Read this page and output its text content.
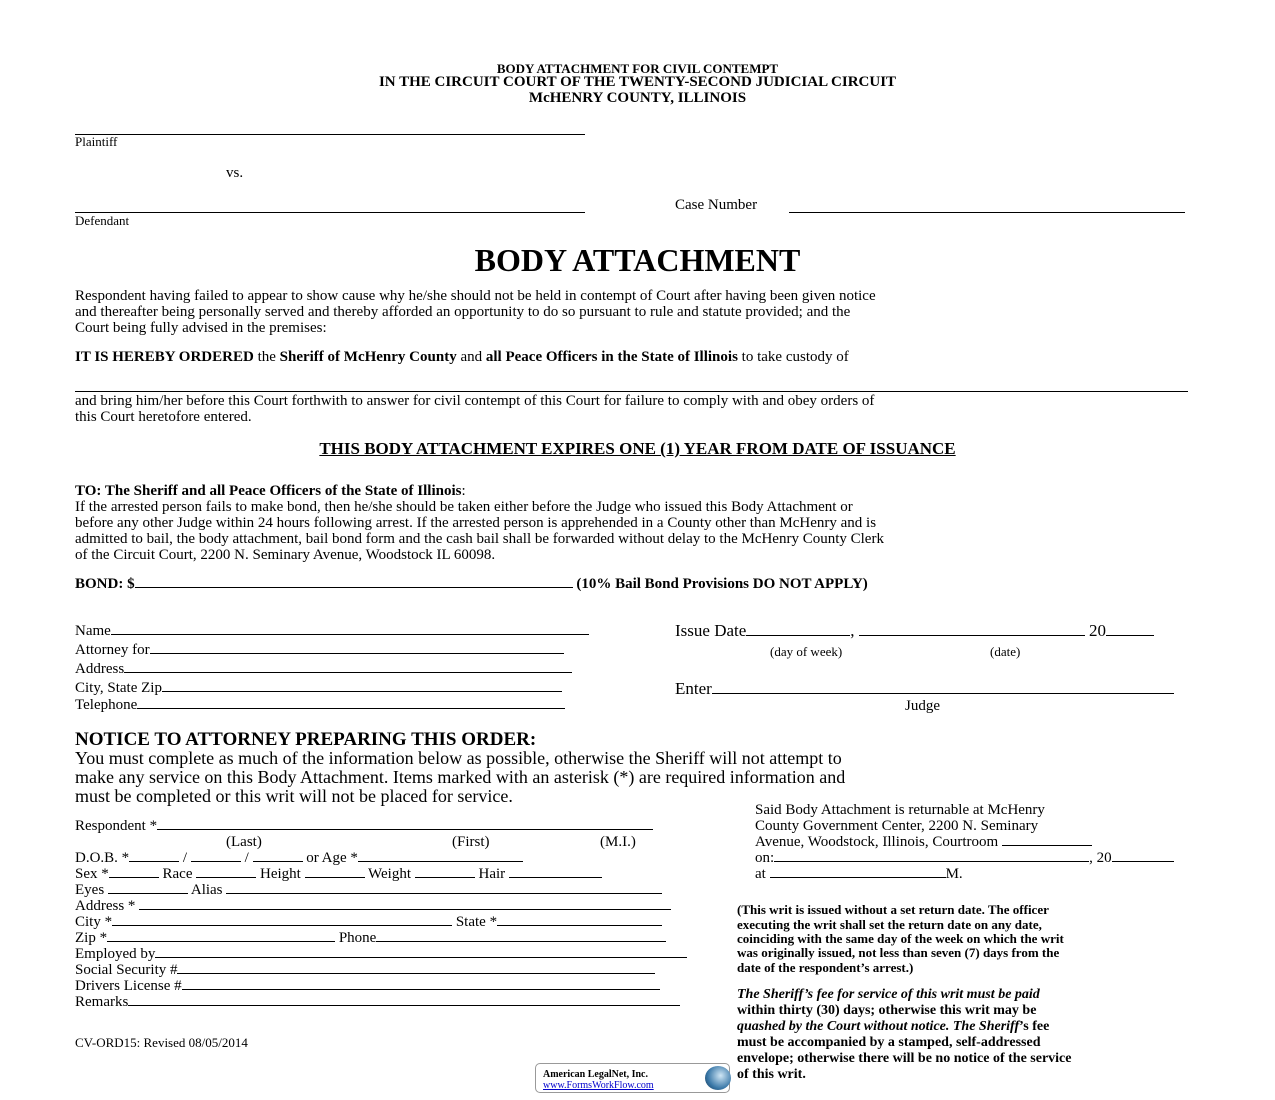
BODY ATTACHMENT FOR CIVIL CONTEMPT
IN THE CIRCUIT COURT OF THE TWENTY-SECOND JUDICIAL CIRCUIT
McHENRY COUNTY, ILLINOIS
Plaintiff
vs.
Defendant
Case Number
BODY ATTACHMENT
Respondent having failed to appear to show cause why he/she should not be held in contempt of Court after having been given notice
and thereafter being personally served and thereby afforded an opportunity to do so pursuant to rule and statute provided; and the
Court being fully advised in the premises:
IT IS HEREBY ORDERED the Sheriff of McHenry County and all Peace Officers in the State of Illinois to take custody of
and bring him/her before this Court forthwith to answer for civil contempt of this Court for failure to comply with and obey orders of
this Court heretofore entered.
THIS BODY ATTACHMENT EXPIRES ONE (1) YEAR FROM DATE OF ISSUANCE
TO: The Sheriff and all Peace Officers of the State of Illinois:
If the arrested person fails to make bond, then he/she should be taken either before the Judge who issued this Body Attachment or
before any other Judge within 24 hours following arrest. If the arrested person is apprehended in a County other than McHenry and is
admitted to bail, the body attachment, bail bond form and the cash bail shall be forwarded without delay to the McHenry County Clerk
of the Circuit Court, 2200 N. Seminary Avenue, Woodstock IL 60098.
BOND: $	(10% Bail Bond Provisions DO NOT APPLY)
Name
Attorney for
Address
City, State Zip
Telephone
Issue Date	,	20
(day of week)	(date)
Enter
Judge
NOTICE TO ATTORNEY PREPARING THIS ORDER:
You must complete as much of the information below as possible, otherwise the Sheriff will not attempt to
make any service on this Body Attachment. Items marked with an asterisk (*) are required information and
must be completed or this writ will not be placed for service.
Respondent *
(Last)	(First)	(M.I.)
D.O.B. *	/	/	or Age *
Sex *	Race	Height	Weight	Hair
Eyes	Alias
Address *
City *	State *
Zip *	Phone
Employed by
Social Security #
Drivers License #
Remarks
CV-ORD15: Revised 08/05/2014
Said Body Attachment is returnable at McHenry
County Government Center, 2200 N. Seminary
Avenue, Woodstock, Illinois, Courtroom
on:	, 20
at	M.
(This writ is issued without a set return date. The officer
executing the writ shall set the return date on any date,
coinciding with the same day of the week on which the writ
was originally issued, not less than seven (7) days from the
date of the respondent’s arrest.)
The Sheriff’s fee for service of this writ must be paid
within thirty (30) days; otherwise this writ may be
quashed by the Court without notice. The Sheriff’s fee
must be accompanied by a stamped, self-addressed
envelope; otherwise there will be no notice of the service
of this writ.
American LegalNet, Inc.
www.FormsWorkFlow.com
